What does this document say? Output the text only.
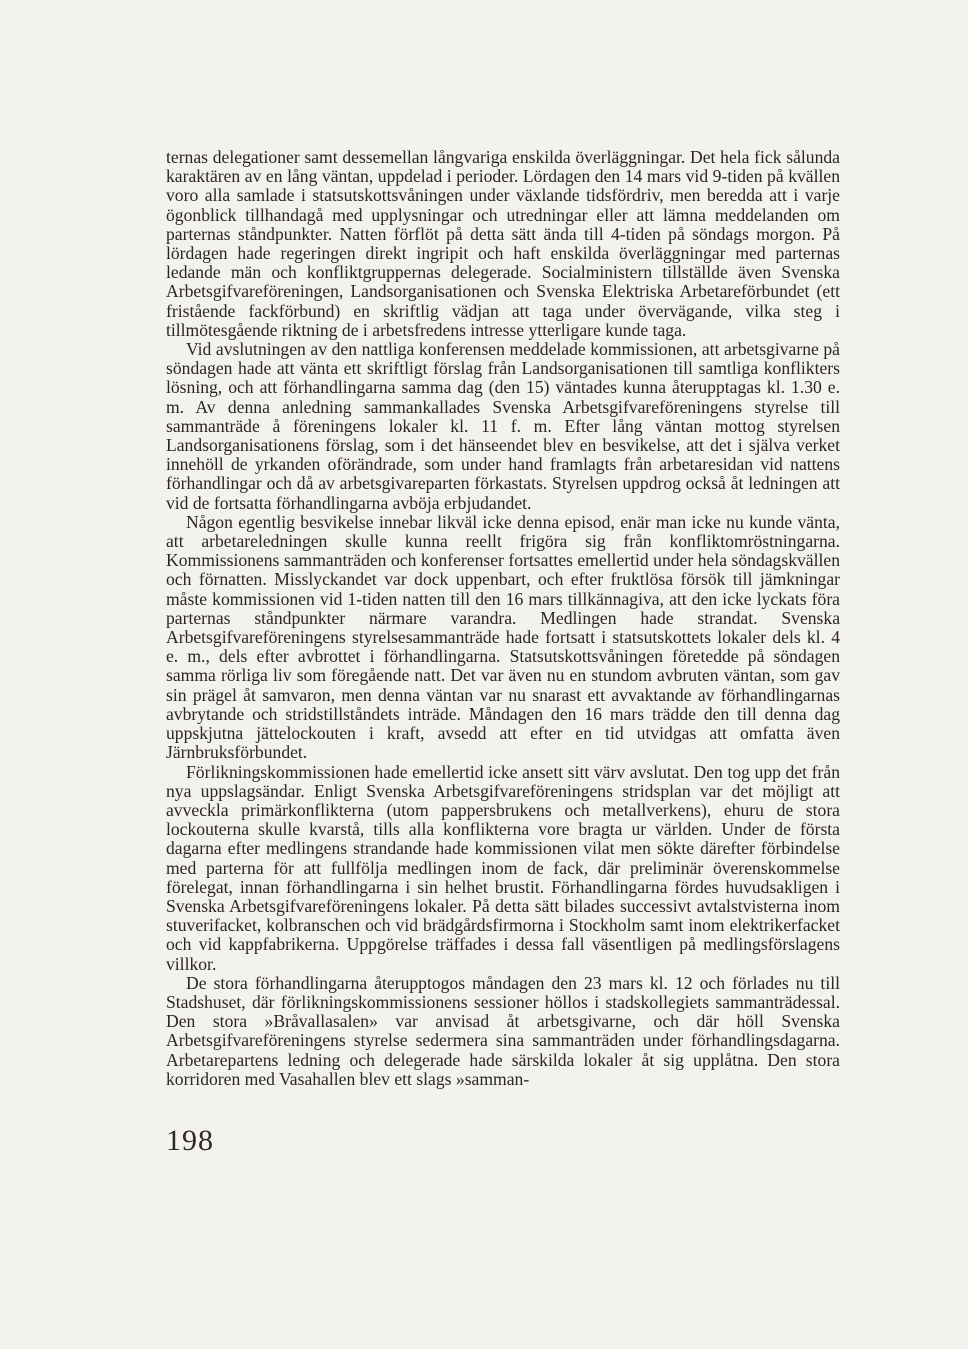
ternas delegationer samt dessemellan långvariga enskilda överläggningar. Det hela fick sålunda karaktären av en lång väntan, uppdelad i perioder. Lördagen den 14 mars vid 9-tiden på kvällen voro alla samlade i statsutskottsvåningen under växlande tidsfördriv, men beredda att i varje ögonblick tillhandagå med upplysningar och utredningar eller att lämna meddelanden om parternas ståndpunkter. Natten förflöt på detta sätt ända till 4-tiden på söndags morgon. På lördagen hade regeringen direkt ingripit och haft enskilda överläggningar med parternas ledande män och konfliktgruppernas delegerade. Socialministern tillställde även Svenska Arbetsgifvareföreningen, Landsorganisationen och Svenska Elektriska Arbetareförbundet (ett fristående fackförbund) en skriftlig vädjan att taga under övervägande, vilka steg i tillmötesgående riktning de i arbetsfredens intresse ytterligare kunde taga.

Vid avslutningen av den nattliga konferensen meddelade kommissionen, att arbetsgivarne på söndagen hade att vänta ett skriftligt förslag från Landsorganisationen till samtliga konflikters lösning, och att förhandlingarna samma dag (den 15) väntades kunna återupptagas kl. 1.30 e. m. Av denna anledning sammankallades Svenska Arbetsgifvareföreningens styrelse till sammanträde å föreningens lokaler kl. 11 f. m. Efter lång väntan mottog styrelsen Landsorganisationens förslag, som i det hänseendet blev en besvikelse, att det i själva verket innehöll de yrkanden oförändrade, som under hand framlagts från arbetaresidan vid nattens förhandlingar och då av arbetsgivareparten förkastats. Styrelsen uppdrog också åt ledningen att vid de fortsatta förhandlingarna avböja erbjudandet.

Någon egentlig besvikelse innebar likväl icke denna episod, enär man icke nu kunde vänta, att arbetareledningen skulle kunna reellt frigöra sig från konfliktomröstningarna. Kommissionens sammanträden och konferenser fortsattes emellertid under hela söndagskvällen och förnatten. Misslyckandet var dock uppenbart, och efter fruktlösa försök till jämkningar måste kommissionen vid 1-tiden natten till den 16 mars tillkännagiva, att den icke lyckats föra parternas ståndpunkter närmare varandra. Medlingen hade strandat. Svenska Arbetsgifvareföreningens styrelsesammanträde hade fortsatt i statsutskottets lokaler dels kl. 4 e. m., dels efter avbrottet i förhandlingarna. Statsutskottsvåningen företedde på söndagen samma rörliga liv som föregående natt. Det var även nu en stundom avbruten väntan, som gav sin prägel åt samvaron, men denna väntan var nu snarast ett avvaktande av förhandlingarnas avbrytande och stridstillståndets inträde. Måndagen den 16 mars trädde den till denna dag uppskjutna jättelockouten i kraft, avsedd att efter en tid utvidgas att omfatta även Järnbruksförbundet.

Förlikningskommissionen hade emellertid icke ansett sitt värv avslutat. Den tog upp det från nya uppslagsändar. Enligt Svenska Arbetsgifvareföreningens stridsplan var det möjligt att avveckla primärkonflikterna (utom pappersbrukens och metallverkens), ehuru de stora lockouterna skulle kvarstå, tills alla konflikterna vore bragta ur världen. Under de första dagarna efter medlingens strandande hade kommissionen vilat men sökte därefter förbindelse med parterna för att fullfölja medlingen inom de fack, där preliminär överenskommelse förelegat, innan förhandlingarna i sin helhet brustit. Förhandlingarna fördes huvudsakligen i Svenska Arbetsgifvareföreningens lokaler. På detta sätt bilades successivt avtalstvisterna inom stuverifacket, kolbranschen och vid brädgårdsfirmorna i Stockholm samt inom elektrikerfacket och vid kappfabrikerna. Uppgörelse träffades i dessa fall väsentligen på medlingsförslagens villkor.

De stora förhandlingarna återupptogos måndagen den 23 mars kl. 12 och förlades nu till Stadshuset, där förlikningskommissionens sessioner höllos i stadskollegiets sammanträdessal. Den stora »Bråvallasalen» var anvisad åt arbetsgivarne, och där höll Svenska Arbetsgifvareföreningens styrelse sedermera sina sammanträden under förhandlingsdagarna. Arbetarepartens ledning och delegerade hade särskilda lokaler åt sig upplåtna. Den stora korridoren med Vasahallen blev ett slags »samman-

198
